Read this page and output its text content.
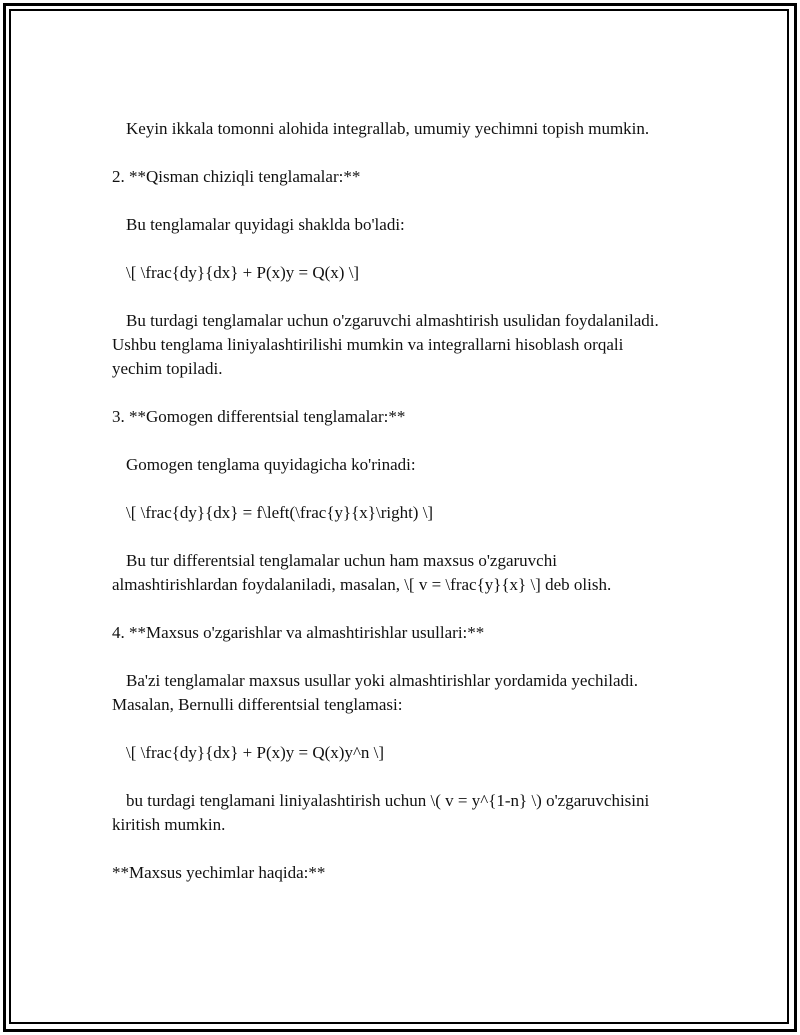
Keyin ikkala tomonni alohida integrallab, umumiy yechimni topish mumkin.

2. **Qisman chiziqli tenglamalar:**

Bu tenglamalar quyidagi shaklda bo'ladi:

\[ \frac{dy}{dx} + P(x)y = Q(x) \]

Bu turdagi tenglamalar uchun o'zgaruvchi almashtirish usulidan foydalaniladi. Ushbu tenglama liniyalashtirilishi mumkin va integrallarni hisoblash orqali yechim topiladi.

3. **Gomogen differentsial tenglamalar:**

Gomogen tenglama quyidagicha ko'rinadi:

\[ \frac{dy}{dx} = f\left(\frac{y}{x}\right) \]

Bu tur differentsial tenglamalar uchun ham maxsus o'zgaruvchi almashtirishlardan foydalaniladi, masalan, \[ v = \frac{y}{x} \] deb olish.

4. **Maxsus o'zgarishlar va almashtirishlar usullari:**

Ba'zi tenglamalar maxsus usullar yoki almashtirishlar yordamida yechiladi. Masalan, Bernulli differentsial tenglamasi:

\[ \frac{dy}{dx} + P(x)y = Q(x)y^n \]

bu turdagi tenglamani liniyalashtirish uchun \( v = y^{1-n} \) o'zgaruvchisini kiritish mumkin.

**Maxsus yechimlar haqida:**
